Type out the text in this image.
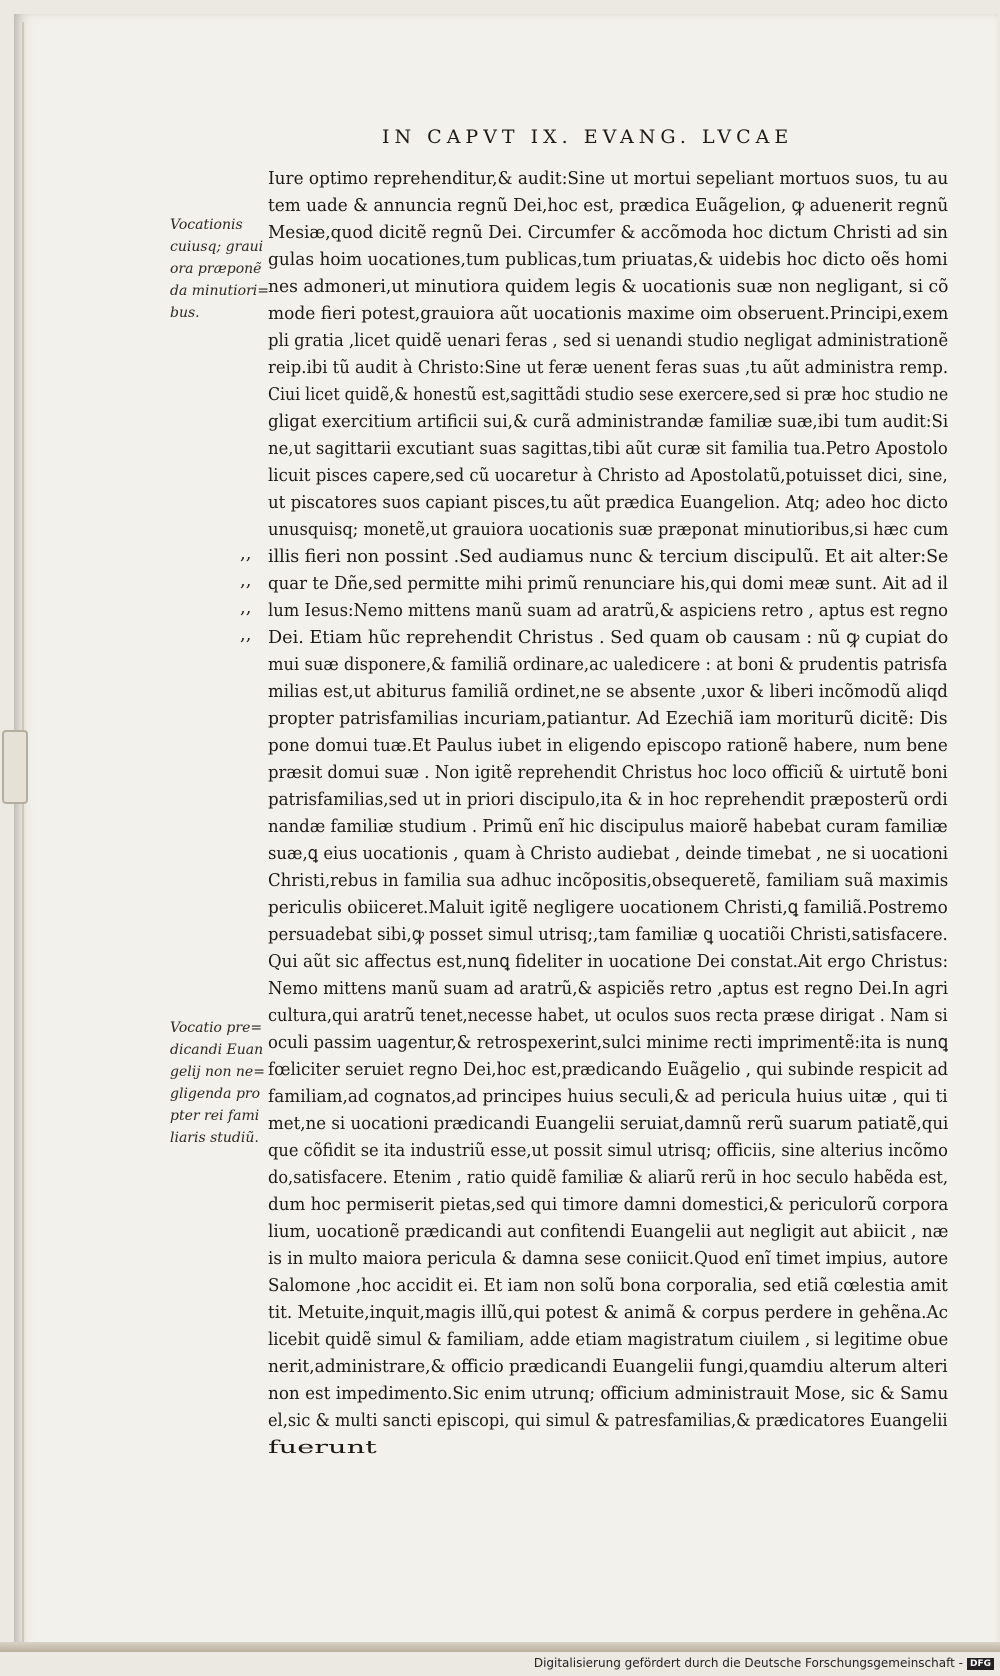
IN CAPVT IX. EVANG. LVCAE
Vocationis cuiusq; graui ora præponẽ da minutiori= bus.
Vocatio pre= dicandi Euan gelij non ne= gligenda pro pter rei fami liaris studiũ.
,,
,,
,,
,,
Iure optimo reprehenditur,& audit:Sine ut mortui sepeliant mortuos suos, tu au
tem uade & annuncia regnũ Dei,hoc est, prædica Euãgelion, ꝙ aduenerit regnũ
Mesiæ,quod dicitẽ regnũ Dei. Circumfer & accõmoda hoc dictum Christi ad sin
gulas hoim uocationes,tum publicas,tum priuatas,& uidebis hoc dicto oẽs homi
nes admoneri,ut minutiora quidem legis & uocationis suæ non negligant, si cõ
mode fieri potest,grauiora aũt uocationis maxime oim obseruent.Principi,exem
pli gratia ,licet quidẽ uenari feras , sed si uenandi studio negligat administrationẽ
reip.ibi tũ audit à Christo:Sine ut feræ uenent feras suas ,tu aũt administra remp.
Ciui licet quidẽ,& honestũ est,sagittãdi studio sese exercere,sed si præ hoc studio ne
gligat exercitium artificii sui,& curã administrandæ familiæ suæ,ibi tum audit:Si
ne,ut sagittarii excutiant suas sagittas,tibi aũt curæ sit familia tua.Petro Apostolo
licuit pisces capere,sed cũ uocaretur à Christo ad Apostolatũ,potuisset dici, sine,
ut piscatores suos capiant pisces,tu aũt prædica Euangelion. Atq; adeo hoc dicto
unusquisq; monetẽ,ut grauiora uocationis suæ præponat minutioribus,si hæc cum
illis fieri non possint .Sed audiamus nunc & tercium discipulũ. Et ait alter:Se
quar te Dñe,sed permitte mihi primũ renunciare his,qui domi meæ sunt. Ait ad il
lum Iesus:Nemo mittens manũ suam ad aratrũ,& aspiciens retro , aptus est regno
Dei. Etiam hũc reprehendit Christus . Sed quam ob causam : nũ ꝙ cupiat do
mui suæ disponere,& familiã ordinare,ac ualedicere : at boni & prudentis patrisfa
milias est,ut abiturus familiã ordinet,ne se absente ,uxor & liberi incõmodũ aliqd
propter patrisfamilias incuriam,patiantur. Ad Ezechiã iam moriturũ dicitẽ: Dis
pone domui tuæ.Et Paulus iubet in eligendo episcopo rationẽ habere, num bene
præsit domui suæ . Non igitẽ reprehendit Christus hoc loco officiũ & uirtutẽ boni
patrisfamilias,sed ut in priori discipulo,ita & in hoc reprehendit præposterũ ordi
nandæ familiæ studium . Primũ enĩ hic discipulus maiorẽ habebat curam familiæ
suæ,ꝗ eius uocationis , quam à Christo audiebat , deinde timebat , ne si uocationi
Christi,rebus in familia sua adhuc incõpositis,obsequeretẽ, familiam suã maximis
periculis obiiceret.Maluit igitẽ negligere uocationem Christi,ꝗ familiã.Postremo
persuadebat sibi,ꝙ posset simul utrisq;,tam familiæ ꝗ uocatiõi Christi,satisfacere.
Qui aũt sic affectus est,nunꝗ fideliter in uocatione Dei constat.Ait ergo Christus:
Nemo mittens manũ suam ad aratrũ,& aspiciẽs retro ,aptus est regno Dei.In agri
cultura,qui aratrũ tenet,necesse habet, ut oculos suos recta præse dirigat . Nam si
oculi passim uagentur,& retrospexerint,sulci minime recti imprimentẽ:ita is nunꝗ
fœliciter seruiet regno Dei,hoc est,prædicando Euãgelio , qui subinde respicit ad
familiam,ad cognatos,ad principes huius seculi,& ad pericula huius uitæ , qui ti
met,ne si uocationi prædicandi Euangelii seruiat,damnũ rerũ suarum patiatẽ,qui
que cõfidit se ita industriũ esse,ut possit simul utrisq; officiis, sine alterius incõmo
do,satisfacere. Etenim , ratio quidẽ familiæ & aliarũ rerũ in hoc seculo habẽda est,
dum hoc permiserit pietas,sed qui timore damni domestici,& periculorũ corpora
lium, uocationẽ prædicandi aut confitendi Euangelii aut negligit aut abiicit , næ
is in multo maiora pericula & damna sese coniicit.Quod enĩ timet impius, autore
Salomone ,hoc accidit ei. Et iam non solũ bona corporalia, sed etiã cœlestia amit
tit. Metuite,inquit,magis illũ,qui potest & animã & corpus perdere in gehẽna.Ac
licebit quidẽ simul & familiam, adde etiam magistratum ciuilem , si legitime obue
nerit,administrare,& officio prædicandi Euangelii fungi,quamdiu alterum alteri
non est impedimento.Sic enim utrunq; officium administrauit Mose, sic & Samu
el,sic & multi sancti episcopi, qui simul & patresfamilias,& prædicatores Euangelii
fuerunt
Digitalisierung gefördert durch die Deutsche Forschungsgemeinschaft - DFG
